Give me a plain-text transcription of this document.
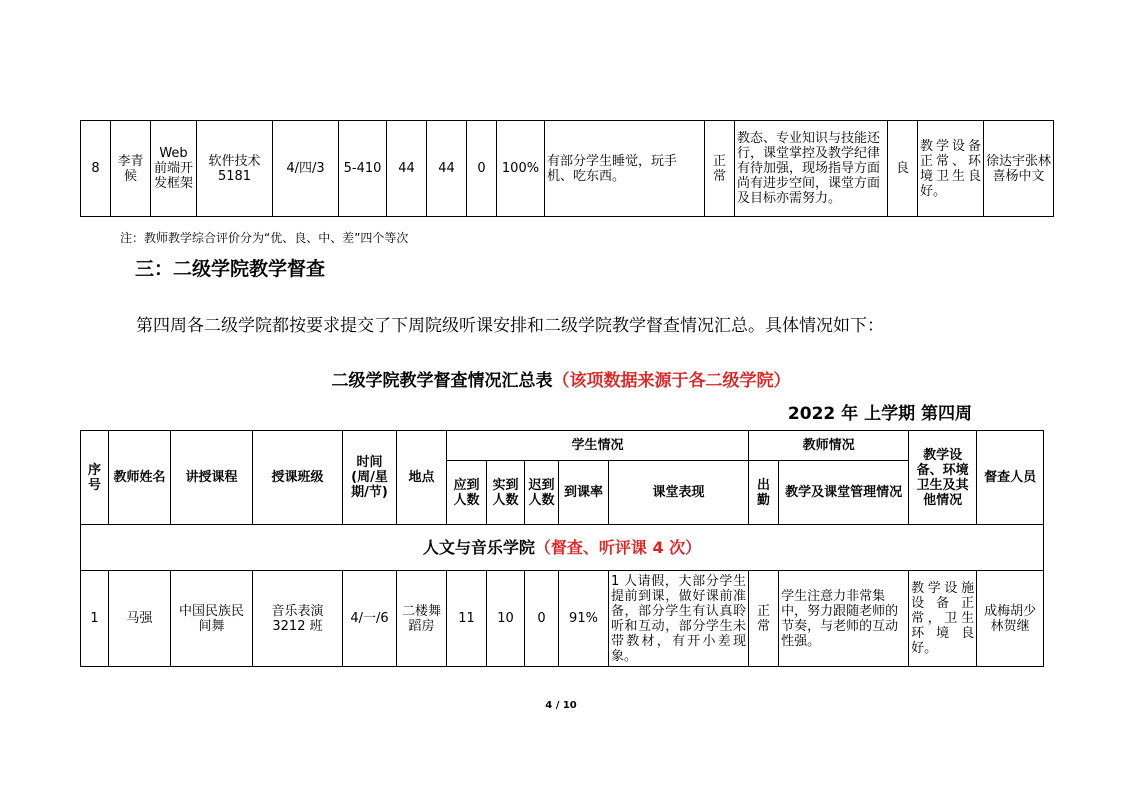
8	李青候	Web前端开发框架	软件技术5181	4/四/3	5-410	44	44	0	100%	有部分学生睡觉，玩手机、吃东西。	正常	教态、专业知识与技能还行，课堂掌控及教学纪律有待加强，现场指导方面尚有进步空间，课堂方面及目标亦需努力。	良	教学设备正常、环境卫生良好。	徐达宇张林喜杨中文
注：教师教学综合评价分为“优、良、中、差”四个等次
三：二级学院教学督查
第四周各二级学院都按要求提交了下周院级听课安排和二级学院教学督查情况汇总。具体情况如下：
二级学院教学督查情况汇总表（该项数据来源于各二级学院）
2022 年 上学期 第四周
序号	教师姓名	讲授课程	授课班级	时间(周/星期/节)	地点	学生情况					教师情况		教学设备、环境卫生及其他情况	督查人员
						应到人数	实到人数	迟到人数	到课率	课堂表现	出勤	教学及课堂管理情况		
人文与音乐学院（督查、听评课 4 次）														
1	马强	中国民族民间舞	音乐表演3212 班	4/一/6	二楼舞蹈房	11	10	0	91%	1 人请假，大部分学生提前到课，做好课前准备，部分学生有认真聆听和互动，部分学生未带教材，有开小差现象。	正常	学生注意力非常集中，努力跟随老师的节奏，与老师的互动性强。	教学设施设备正常，卫生环境良好。	成梅胡少林贺继
4 / 10
